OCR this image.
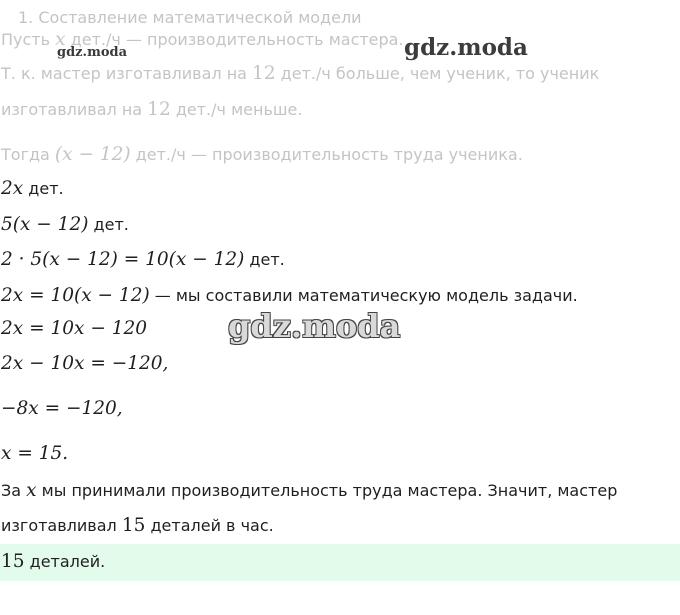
1. Составление математической модели
Пусть x дет./ч — производительность мастера.
Т. к. мастер изготавливал на 12 дет./ч больше, чем ученик, то ученик
изготавливал на 12 дет./ч меньше.
Тогда (x − 12) дет./ч — производительность труда ученика.
2x дет.
5(x − 12) дет.
2 · 5(x − 12) = 10(x − 12) дет.
2x = 10(x − 12) — мы составили математическую модель задачи.
2x = 10x − 120
2x − 10x = −120,
−8x = −120,
x = 15.
За x мы принимали производительность труда мастера. Значит, мастер
изготавливал 15 деталей в час.
15 деталей.
gdz.moda	gdz.moda
gdz.moda
